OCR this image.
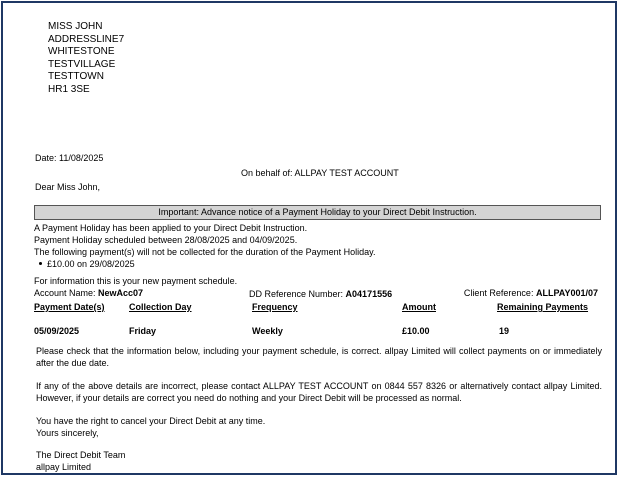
MISS JOHN
ADDRESSLINE7
WHITESTONE
TESTVILLAGE
TESTTOWN
HR1 3SE
Date: 11/08/2025
On behalf of: ALLPAY TEST ACCOUNT
Dear Miss John,
Important: Advance notice of a Payment Holiday to your Direct Debit Instruction.
A Payment Holiday has been applied to your Direct Debit Instruction.
Payment Holiday scheduled between 28/08/2025 and 04/09/2025.
The following payment(s) will not be collected for the duration of the Payment Holiday.
£10.00 on 29/08/2025
For information this is your new payment schedule.
Account Name: NewAcc07	DD Reference Number: A04171556	Client Reference: ALLPAY001/07
Payment Date(s)	Collection Day	Frequency	Amount	Remaining Payments
05/09/2025	Friday	Weekly	£10.00	19
Please check that the information below, including your payment schedule, is correct. allpay Limited will collect payments on or immediately after the due date.
If any of the above details are incorrect, please contact ALLPAY TEST ACCOUNT on 0844 557 8326 or alternatively contact allpay Limited. However, if your details are correct you need do nothing and your Direct Debit will be processed as normal.
You have the right to cancel your Direct Debit at any time.
Yours sincerely,
The Direct Debit Team
allpay Limited
